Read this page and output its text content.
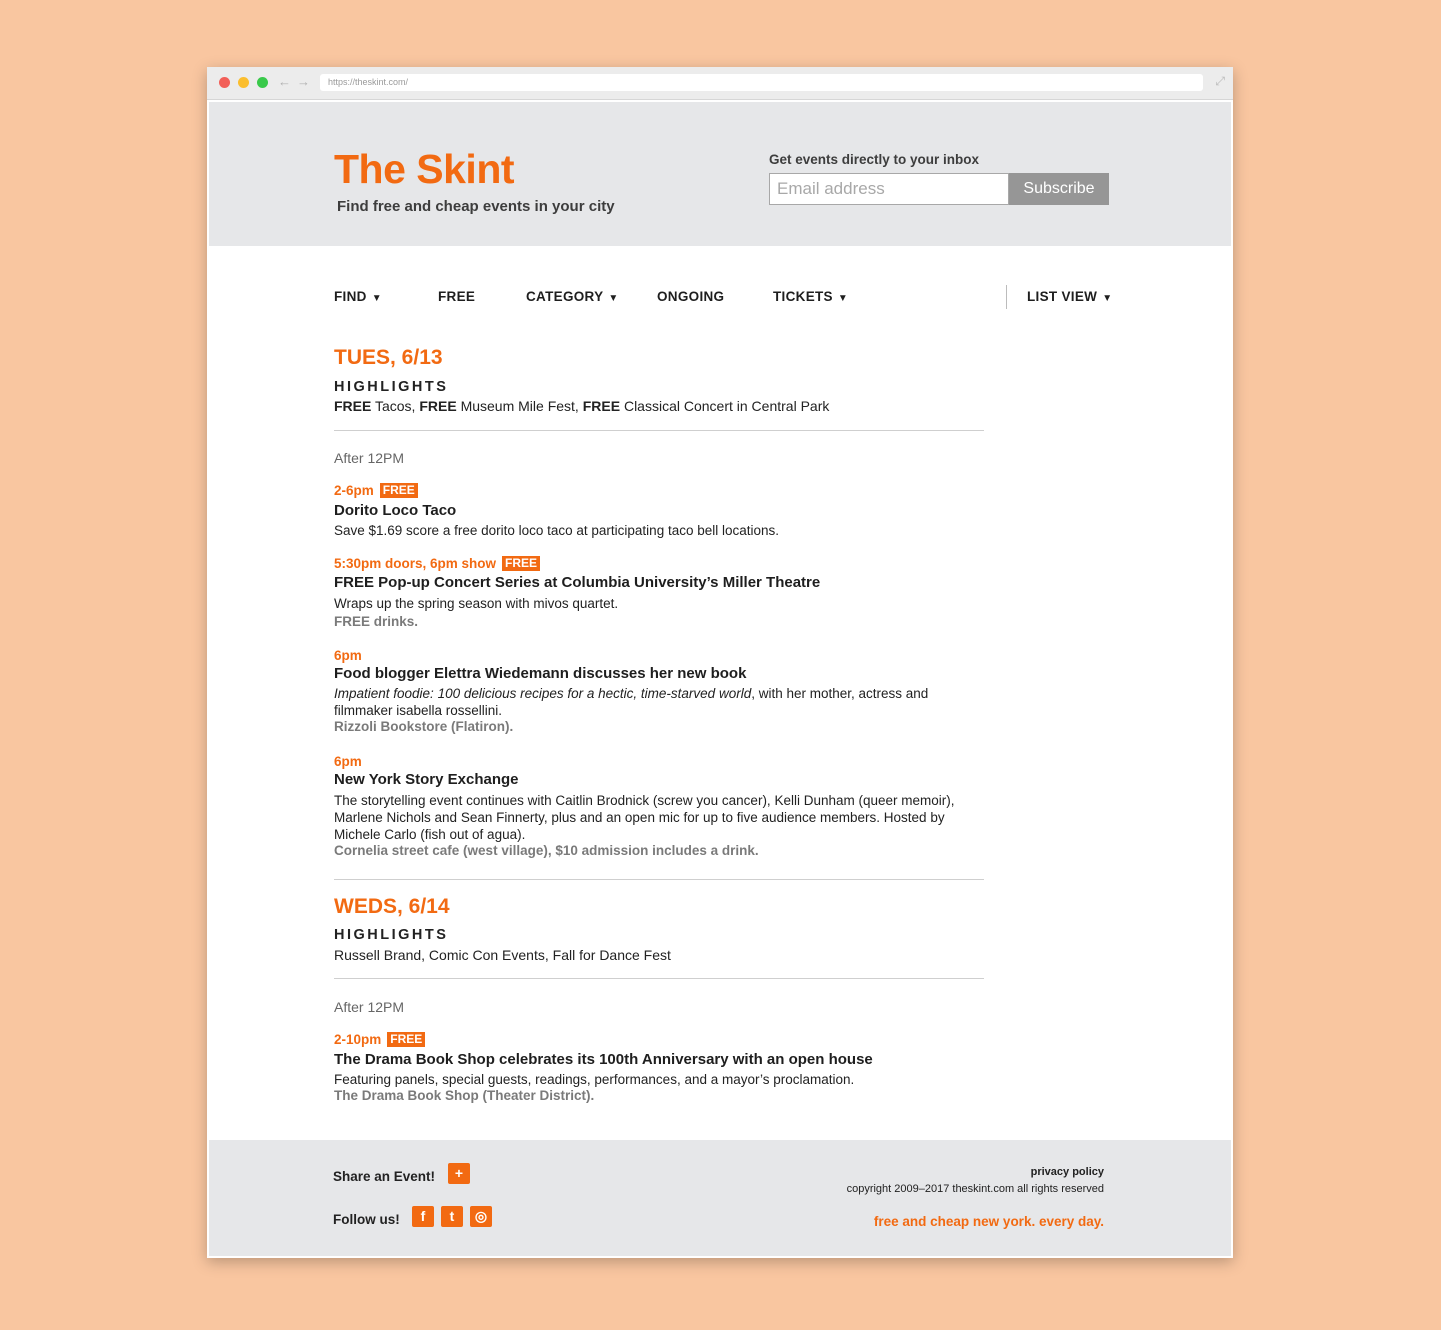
← →	https://theskint.com/	⤢
The Skint
Find free and cheap events in your city
Get events directly to your inbox
Email address
Subscribe
FIND ▼	FREE	CATEGORY ▼	ONGOING	TICKETS ▼	LIST VIEW ▼
TUES, 6/13
HIGHLIGHTS
FREE Tacos, FREE Museum Mile Fest, FREE Classical Concert in Central Park
After 12PM
2-6pm FREE
Dorito Loco Taco
Save $1.69 score a free dorito loco taco at participating taco bell locations.
5:30pm doors, 6pm show FREE
FREE Pop-up Concert Series at Columbia University’s Miller Theatre
Wraps up the spring season with mivos quartet.
FREE drinks.
6pm
Food blogger Elettra Wiedemann discusses her new book
Impatient foodie: 100 delicious recipes for a hectic, time-starved world, with her mother, actress and filmmaker isabella rossellini.
Rizzoli Bookstore (Flatiron).
6pm
New York Story Exchange
The storytelling event continues with Caitlin Brodnick (screw you cancer), Kelli Dunham (queer memoir), Marlene Nichols and Sean Finnerty, plus and an open mic for up to five audience members. Hosted by Michele Carlo (fish out of agua).
Cornelia street cafe (west village), $10 admission includes a drink.
WEDS, 6/14
HIGHLIGHTS
Russell Brand, Comic Con Events, Fall for Dance Fest
After 12PM
2-10pm FREE
The Drama Book Shop celebrates its 100th Anniversary with an open house
Featuring panels, special guests, readings, performances, and a mayor’s proclamation.
The Drama Book Shop (Theater District).
Share an Event!	+
Follow us!	f	t	◎
privacy policy
copyright 2009–2017 theskint.com all rights reserved
free and cheap new york. every day.
